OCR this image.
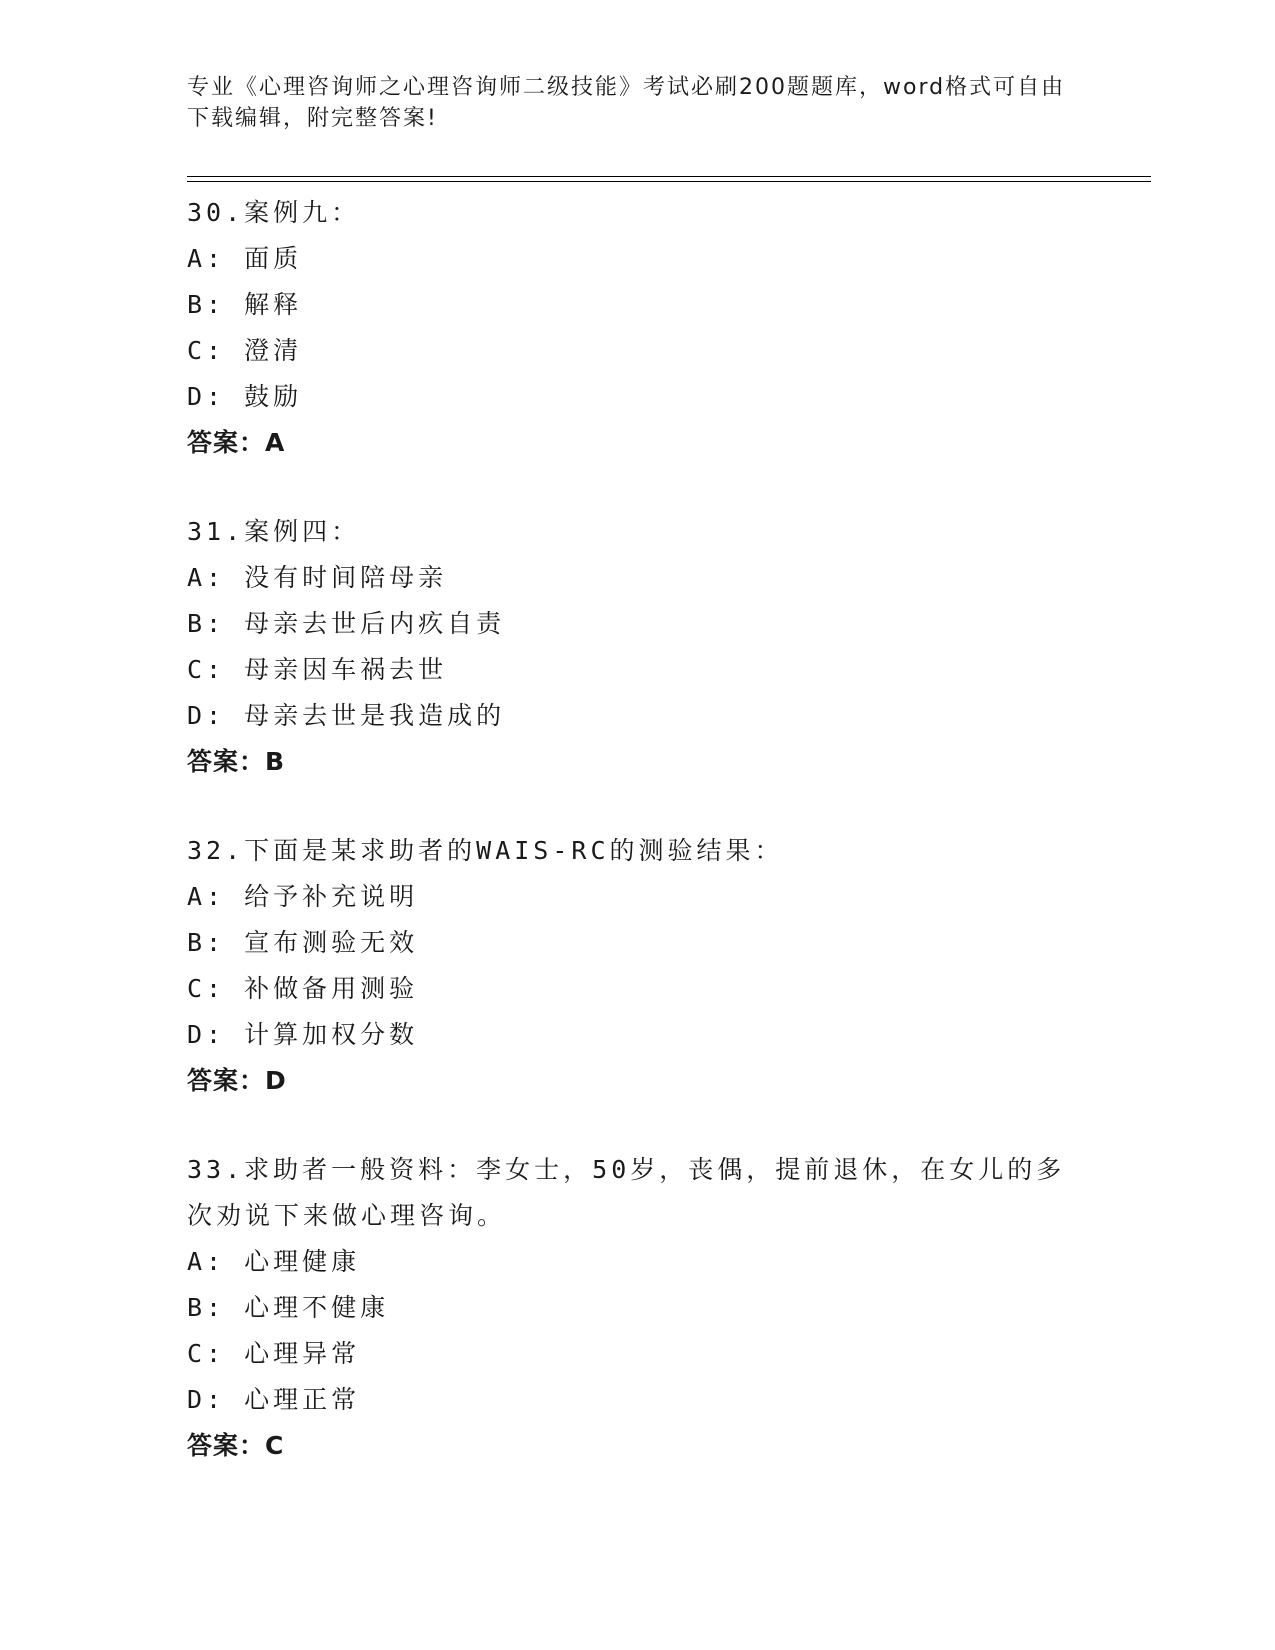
专业《心理咨询师之心理咨询师二级技能》考试必刷200题题库，word格式可自由下载编辑，附完整答案!
30.案例九：
A: 面质
B: 解释
C: 澄清
D: 鼓励
答案：A
31.案例四：
A: 没有时间陪母亲
B: 母亲去世后内疚自责
C: 母亲因车祸去世
D: 母亲去世是我造成的
答案：B
32.下面是某求助者的WAIS-RC的测验结果：
A: 给予补充说明
B: 宣布测验无效
C: 补做备用测验
D: 计算加权分数
答案：D
33.求助者一般资料：李女士，50岁，丧偶，提前退休，在女儿的多次劝说下来做心理咨询。
A: 心理健康
B: 心理不健康
C: 心理异常
D: 心理正常
答案：C
